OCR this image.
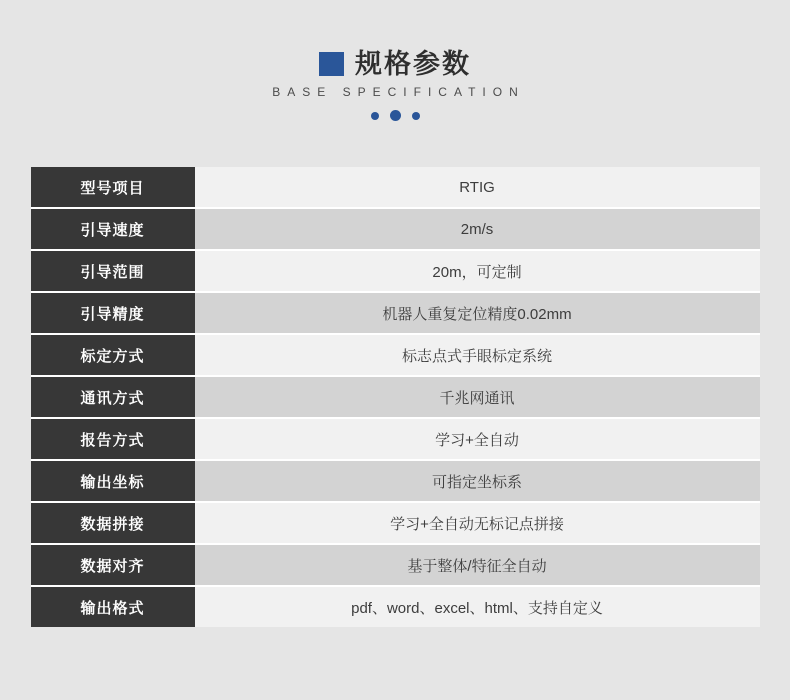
规格参数
BASE SPECIFICATION
型号项目	RTIG
引导速度	2m/s
引导范围	20m，可定制
引导精度	机器人重复定位精度0.02mm
标定方式	标志点式手眼标定系统
通讯方式	千兆网通讯
报告方式	学习+全自动
输出坐标	可指定坐标系
数据拼接	学习+全自动无标记点拼接
数据对齐	基于整体/特征全自动
输出格式	pdf、word、excel、html、支持自定义
